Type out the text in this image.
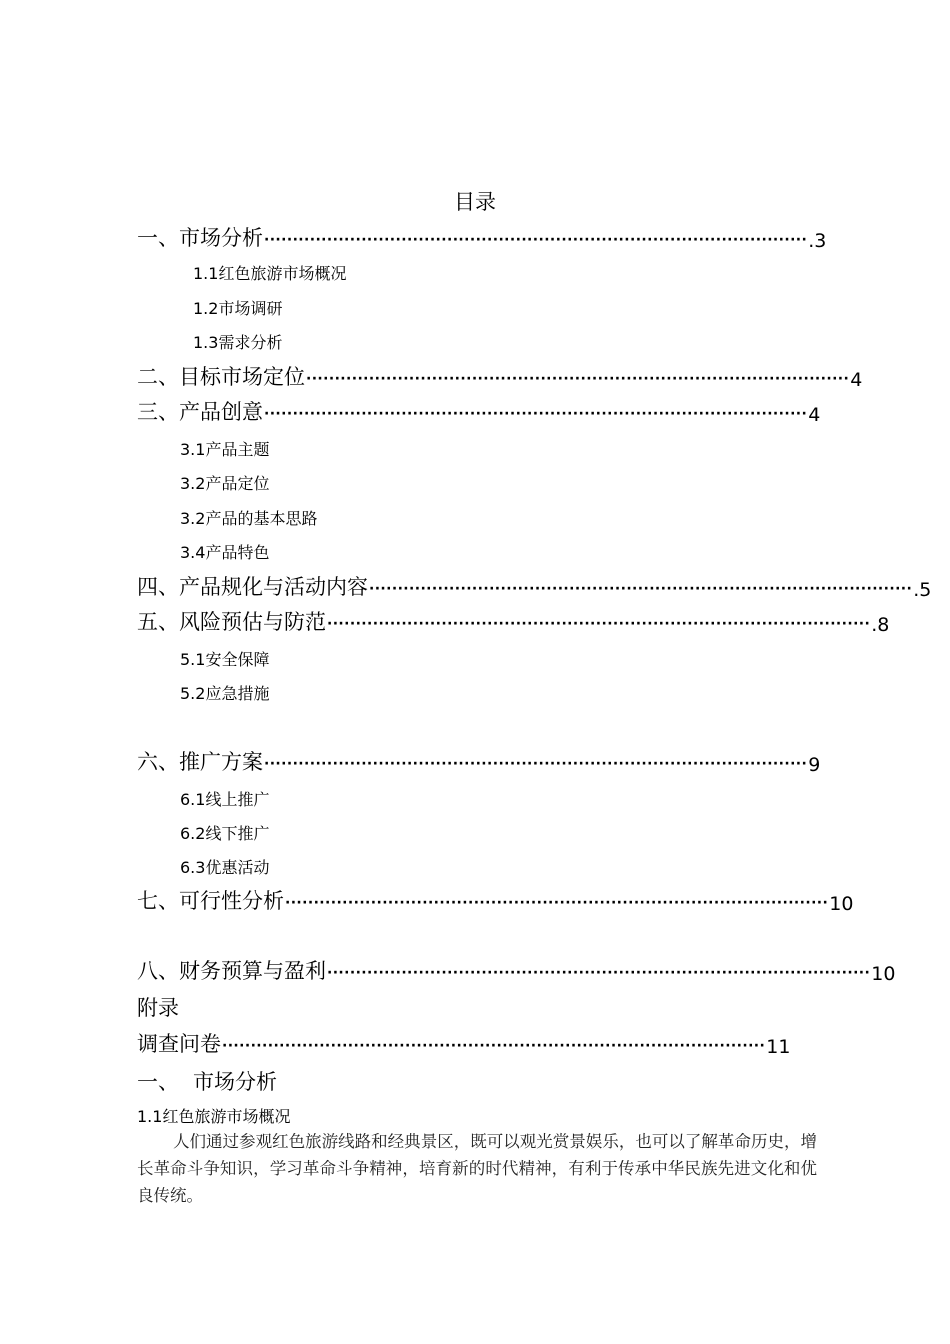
目录
一、 市场分析 ······························································································· .3
1.1红色旅游市场概况
1.2市场调研
1.3需求分析
二、 目标市场定位 ······························································································· 4
三、 产品创意 ······························································································· 4
3.1产品主题
3.2产品定位
3.2产品的基本思路
3.4产品特色
四、 产品规化与活动内容 ······························································································· .5
五、 风险预估与防范 ······························································································· .8
5.1安全保障
5.2应急措施
六、 推广方案 ······························································································· 9
6.1线上推广
6.2线下推广
6.3优惠活动
七、 可行性分析 ······························································································· 10
八、 财务预算与盈利 ······························································································· 10
附录
调查问卷 ······························································································· 11
一、 市场分析
1.1红色旅游市场概况

人们通过参观红色旅游线路和经典景区，既可以观光赏景娱乐，也可以了解革命历史，增长革命斗争知识，学习革命斗争精神，培育新的时代精神，有利于传承中华民族先进文化和优良传统。
